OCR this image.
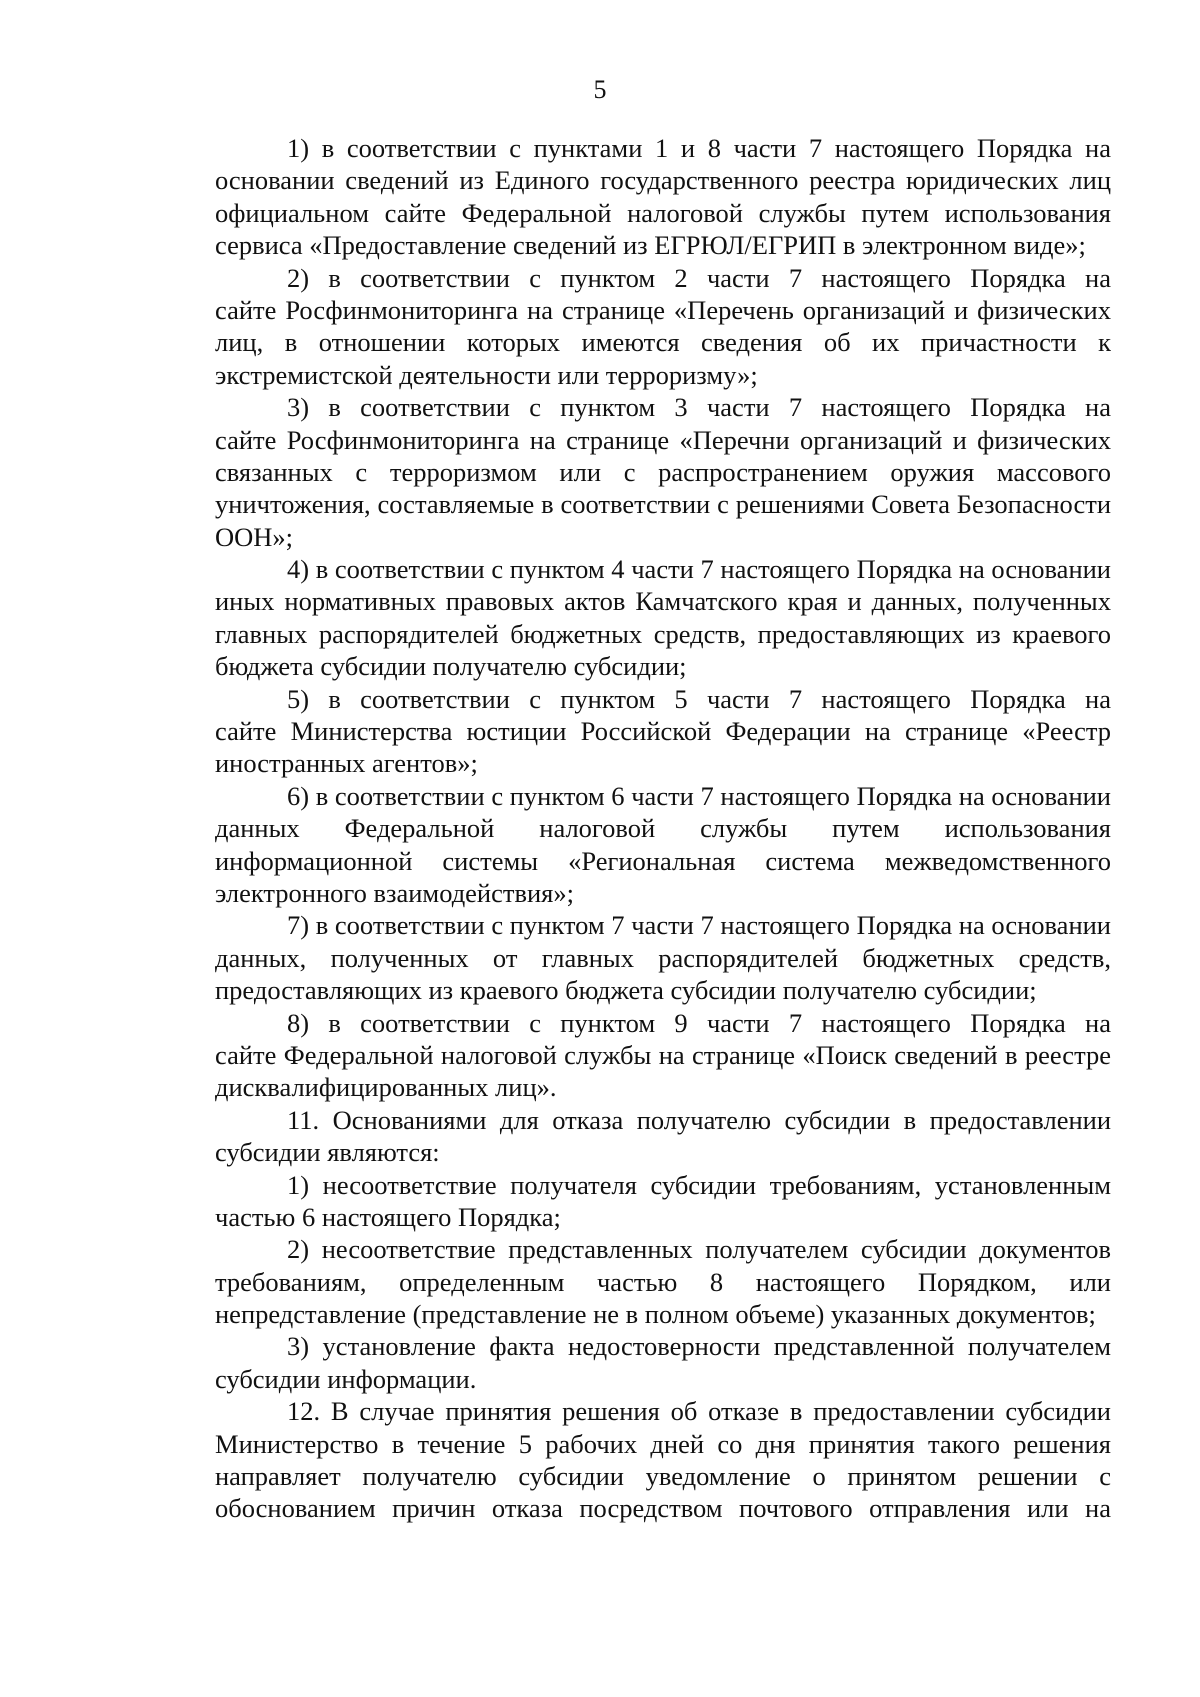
5
1) в соответствии с пунктами 1 и 8 части 7 настоящего Порядка на
основании сведений из Единого государственного реестра юридических лиц
официальном сайте Федеральной налоговой службы путем использования
сервиса «Предоставление сведений из ЕГРЮЛ/ЕГРИП в электронном виде»;
2) в соответствии с пунктом 2 части 7 настоящего Порядка на
сайте Росфинмониторинга на странице «Перечень организаций и физических
лиц, в отношении которых имеются сведения об их причастности к
экстремистской деятельности или терроризму»;
3) в соответствии с пунктом 3 части 7 настоящего Порядка на
сайте Росфинмониторинга на странице «Перечни организаций и физических
связанных с терроризмом или с распространением оружия массового
уничтожения, составляемые в соответствии с решениями Совета Безопасности
ООН»;
4) в соответствии с пунктом 4 части 7 настоящего Порядка на основании
иных нормативных правовых актов Камчатского края и данных, полученных
главных распорядителей бюджетных средств, предоставляющих из краевого
бюджета субсидии получателю субсидии;
5) в соответствии с пунктом 5 части 7 настоящего Порядка на
сайте Министерства юстиции Российской Федерации на странице «Реестр
иностранных агентов»;
6) в соответствии с пунктом 6 части 7 настоящего Порядка на основании
данных Федеральной налоговой службы путем использования
информационной системы «Региональная система межведомственного
электронного взаимодействия»;
7) в соответствии с пунктом 7 части 7 настоящего Порядка на основании
данных, полученных от главных распорядителей бюджетных средств,
предоставляющих из краевого бюджета субсидии получателю субсидии;
8) в соответствии с пунктом 9 части 7 настоящего Порядка на
сайте Федеральной налоговой службы на странице «Поиск сведений в реестре
дисквалифицированных лиц».
11. Основаниями для отказа получателю субсидии в предоставлении
субсидии являются:
1) несоответствие получателя субсидии требованиям, установленным
частью 6 настоящего Порядка;
2) несоответствие представленных получателем субсидии документов
требованиям, определенным частью 8 настоящего Порядком, или
непредставление (представление не в полном объеме) указанных документов;
3) установление факта недостоверности представленной получателем
субсидии информации.
12. В случае принятия решения об отказе в предоставлении субсидии
Министерство в течение 5 рабочих дней со дня принятия такого решения
направляет получателю субсидии уведомление о принятом решении с
обоснованием причин отказа посредством почтового отправления или на
